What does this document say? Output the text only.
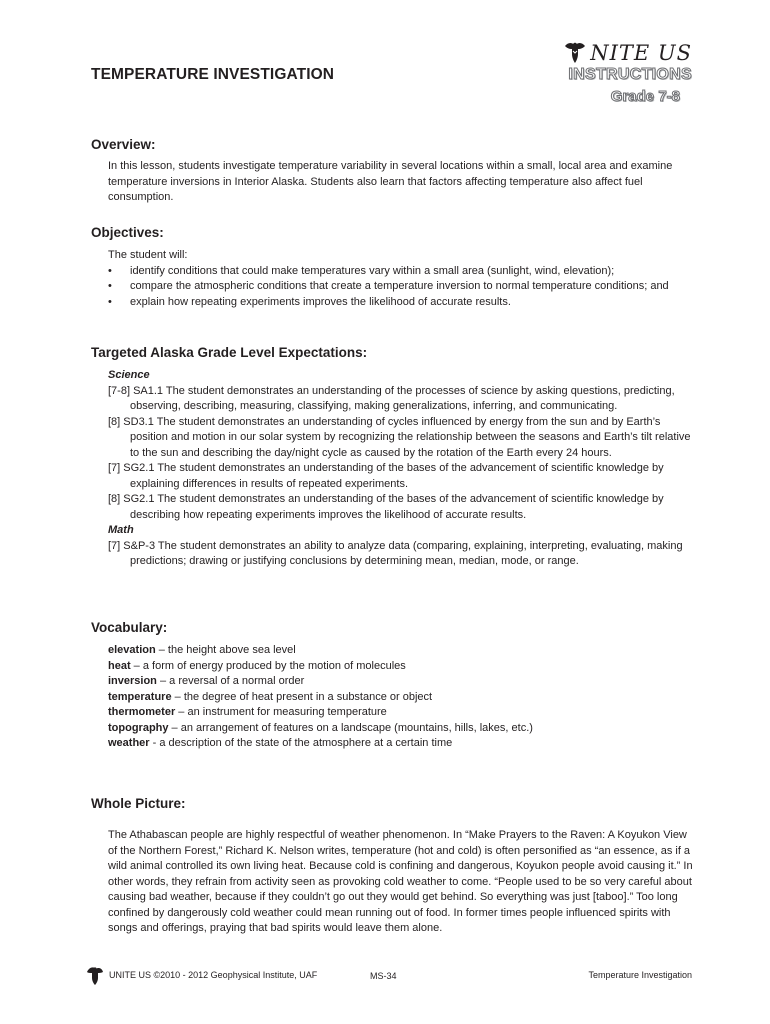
TEMPERATURE INVESTIGATION
NITE US
INSTRUCTIONS
Grade 7-8
Overview:

In this lesson, students investigate temperature variability in several locations within a small, local area and examine temperature inversions in Interior Alaska. Students also learn that factors affecting temperature also affect fuel consumption.

Objectives:

The student will:

• identify conditions that could make temperatures vary within a small area (sunlight, wind, elevation);
• compare the atmospheric conditions that create a temperature inversion to normal temperature conditions; and
• explain how repeating experiments improves the likelihood of accurate results.
Targeted Alaska Grade Level Expectations:

Science

[7-8] SA1.1 The student demonstrates an understanding of the processes of science by asking questions, predicting, observing, describing, measuring, classifying, making generalizations, inferring, and communicating.

[8] SD3.1 The student demonstrates an understanding of cycles influenced by energy from the sun and by Earth’s position and motion in our solar system by recognizing the relationship between the seasons and Earth’s tilt relative to the sun and describing the day/night cycle as caused by the rotation of the Earth every 24 hours.

[7] SG2.1 The student demonstrates an understanding of the bases of the advancement of scientific knowledge by explaining differences in results of repeated experiments.

[8] SG2.1 The student demonstrates an understanding of the bases of the advancement of scientific knowledge by describing how repeating experiments improves the likelihood of accurate results.

Math

[7] S&P-3 The student demonstrates an ability to analyze data (comparing, explaining, interpreting, evaluating, making predictions; drawing or justifying conclusions by determining mean, median, mode, or range.

Vocabulary:

elevation – the height above sea level

heat – a form of energy produced by the motion of molecules

inversion – a reversal of a normal order

temperature – the degree of heat present in a substance or object

thermometer – an instrument for measuring temperature

topography – an arrangement of features on a landscape (mountains, hills, lakes, etc.)

weather - a description of the state of the atmosphere at a certain time

Whole Picture:

The Athabascan people are highly respectful of weather phenomenon. In “Make Prayers to the Raven: A Koyukon View of the Northern Forest,” Richard K. Nelson writes, temperature (hot and cold) is often personified as “an essence, as if a wild animal controlled its own living heat. Because cold is confining and dangerous, Koyukon people avoid causing it.” In other words, they refrain from activity seen as provoking cold weather to come. “People used to be so very careful about causing bad weather, because if they couldn’t go out they would get behind. So everything was just [taboo].” Too long confined by dangerously cold weather could mean running out of food. In former times people influenced spirits with songs and offerings, praying that bad spirits would leave them alone.

UNITE US ©2010 - 2012 Geophysical Institute, UAF	MS-34	Temperature Investigation
